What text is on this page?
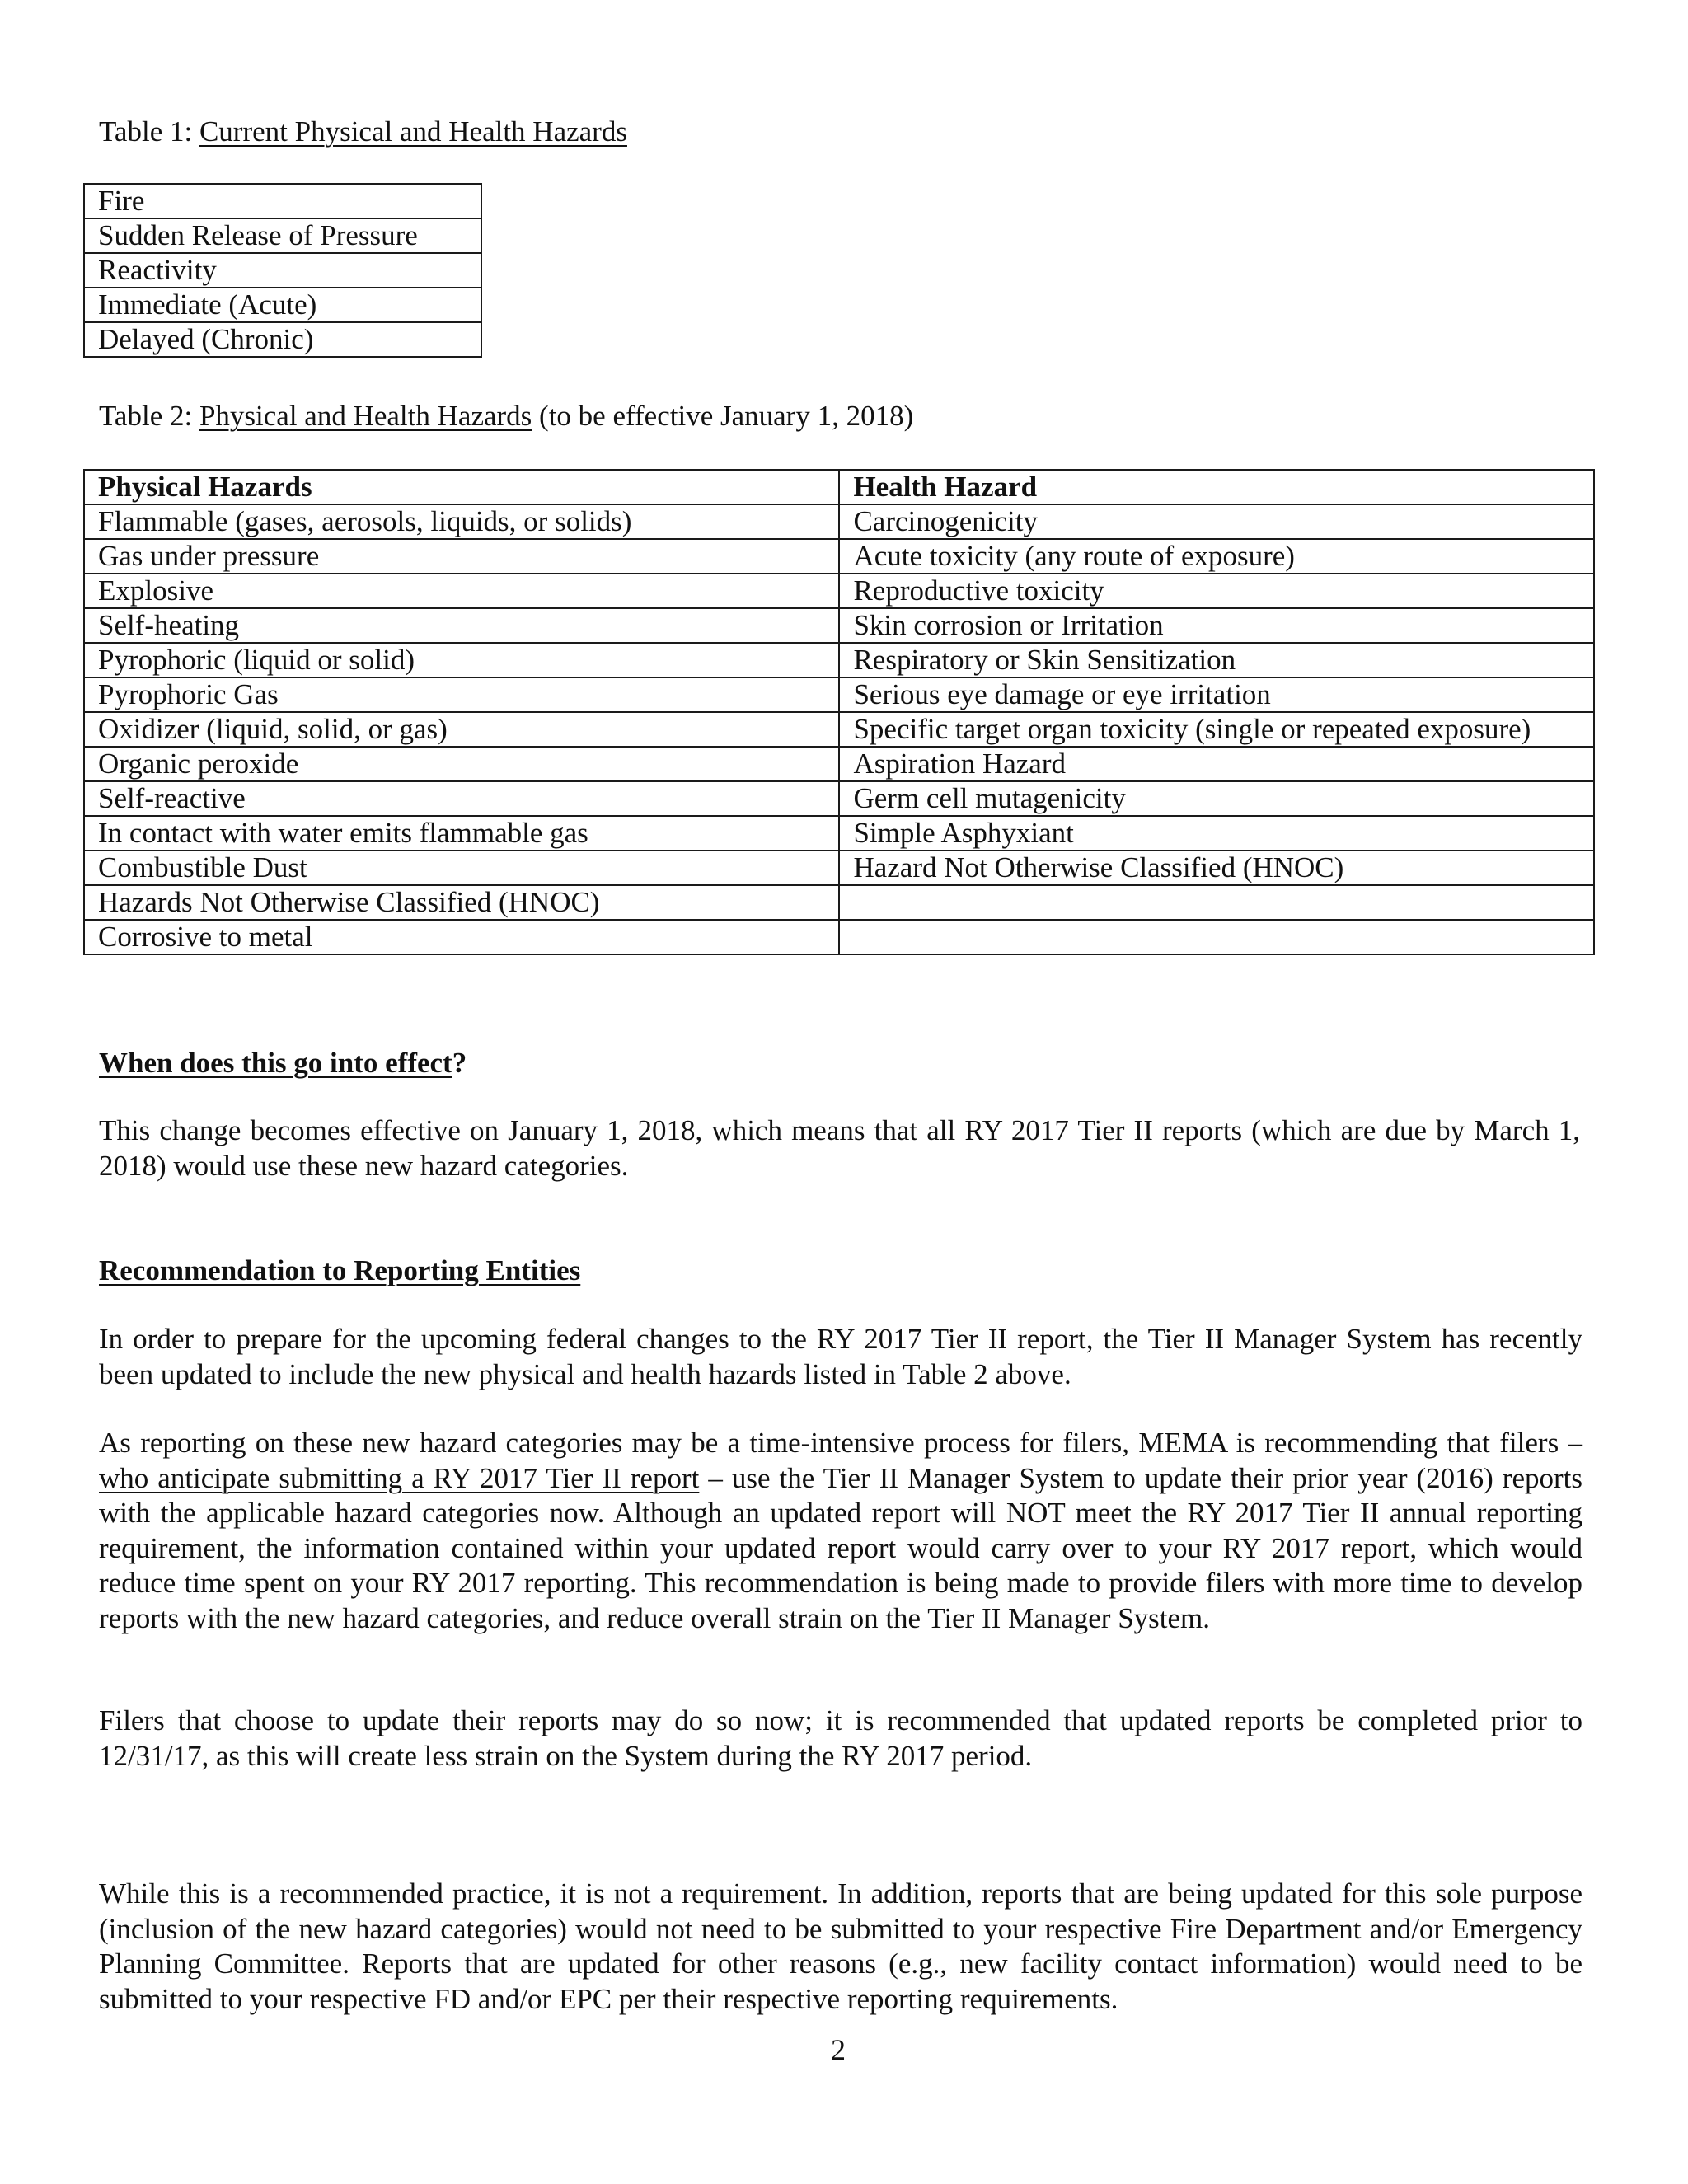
Table 1: Current Physical and Health Hazards
Fire
Sudden Release of Pressure
Reactivity
Immediate (Acute)
Delayed (Chronic)
Table 2: Physical and Health Hazards (to be effective January 1, 2018)
Physical Hazards	Health Hazard
Flammable (gases, aerosols, liquids, or solids)	Carcinogenicity
Gas under pressure	Acute toxicity (any route of exposure)
Explosive	Reproductive toxicity
Self-heating	Skin corrosion or Irritation
Pyrophoric (liquid or solid)	Respiratory or Skin Sensitization
Pyrophoric Gas	Serious eye damage or eye irritation
Oxidizer (liquid, solid, or gas)	Specific target organ toxicity (single or repeated exposure)
Organic peroxide	Aspiration Hazard
Self-reactive	Germ cell mutagenicity
In contact with water emits flammable gas	Simple Asphyxiant
Combustible Dust	Hazard Not Otherwise Classified (HNOC)
Hazards Not Otherwise Classified (HNOC)	
Corrosive to metal	
When does this go into effect?
This change becomes effective on January 1, 2018, which means that all RY 2017 Tier II reports (which are due by March 1, 2018) would use these new hazard categories.
Recommendation to Reporting Entities
In order to prepare for the upcoming federal changes to the RY 2017 Tier II report, the Tier II Manager System has recently been updated to include the new physical and health hazards listed in Table 2 above.
As reporting on these new hazard categories may be a time-intensive process for filers, MEMA is recommending that filers – who anticipate submitting a RY 2017 Tier II report – use the Tier II Manager System to update their prior year (2016) reports with the applicable hazard categories now. Although an updated report will NOT meet the RY 2017 Tier II annual reporting requirement, the information contained within your updated report would carry over to your RY 2017 report, which would reduce time spent on your RY 2017 reporting. This recommendation is being made to provide filers with more time to develop reports with the new hazard categories, and reduce overall strain on the Tier II Manager System.
Filers that choose to update their reports may do so now; it is recommended that updated reports be completed prior to 12/31/17, as this will create less strain on the System during the RY 2017 period.
While this is a recommended practice, it is not a requirement. In addition, reports that are being updated for this sole purpose (inclusion of the new hazard categories) would not need to be submitted to your respective Fire Department and/or Emergency Planning Committee. Reports that are updated for other reasons (e.g., new facility contact information) would need to be submitted to your respective FD and/or EPC per their respective reporting requirements.
2
